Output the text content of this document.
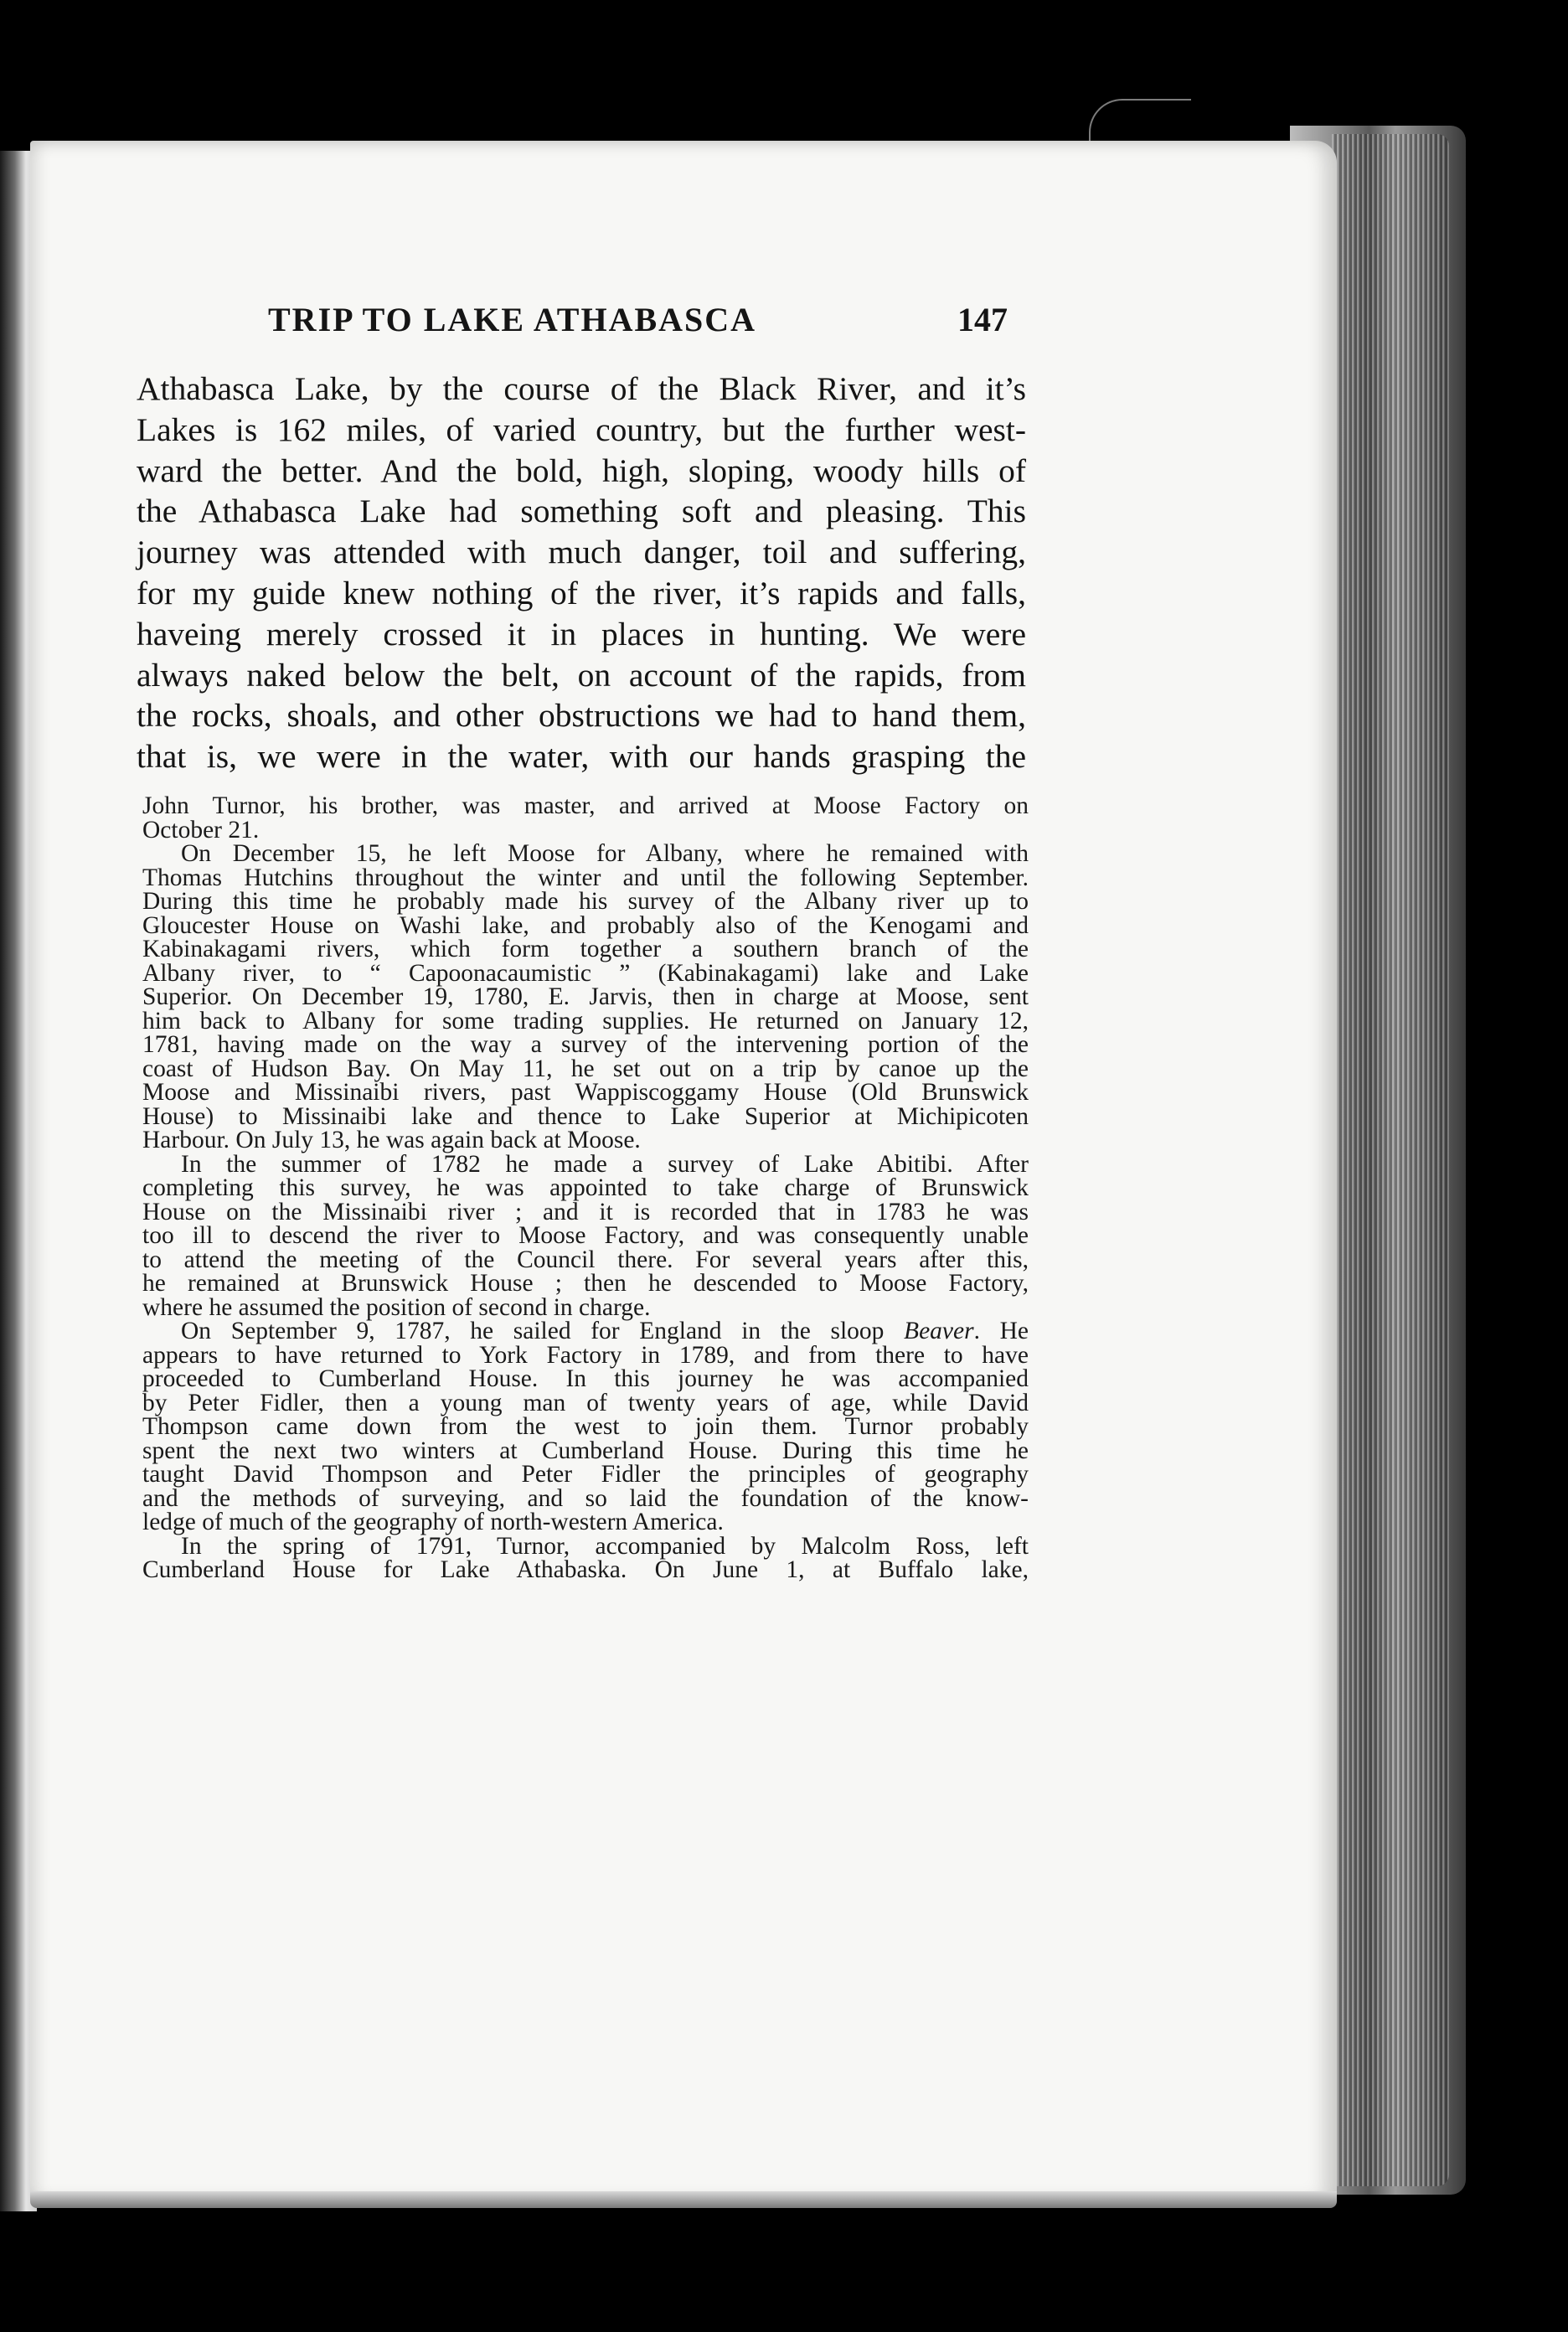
TRIP TO LAKE ATHABASCA	147
Athabasca Lake, by the course of the Black River, and it’s
Lakes is 162 miles, of varied country, but the further west-
ward the better. And the bold, high, sloping, woody hills of
the Athabasca Lake had something soft and pleasing. This
journey was attended with much danger, toil and suffering,
for my guide knew nothing of the river, it’s rapids and falls,
haveing merely crossed it in places in hunting. We were
always naked below the belt, on account of the rapids, from
the rocks, shoals, and other obstructions we had to hand them,
that is, we were in the water, with our hands grasping the
John Turnor, his brother, was master, and arrived at Moose Factory on
October 21.
On December 15, he left Moose for Albany, where he remained with
Thomas Hutchins throughout the winter and until the following September.
During this time he probably made his survey of the Albany river up to
Gloucester House on Washi lake, and probably also of the Kenogami and
Kabinakagami rivers, which form together a southern branch of the
Albany river, to “ Capoonacaumistic ” (Kabinakagami) lake and Lake
Superior. On December 19, 1780, E. Jarvis, then in charge at Moose, sent
him back to Albany for some trading supplies. He returned on January 12,
1781, having made on the way a survey of the intervening portion of the
coast of Hudson Bay. On May 11, he set out on a trip by canoe up the
Moose and Missinaibi rivers, past Wappiscoggamy House (Old Brunswick
House) to Missinaibi lake and thence to Lake Superior at Michipicoten
Harbour. On July 13, he was again back at Moose.
In the summer of 1782 he made a survey of Lake Abitibi. After
completing this survey, he was appointed to take charge of Brunswick
House on the Missinaibi river ; and it is recorded that in 1783 he was
too ill to descend the river to Moose Factory, and was consequently unable
to attend the meeting of the Council there. For several years after this,
he remained at Brunswick House ; then he descended to Moose Factory,
where he assumed the position of second in charge.
On September 9, 1787, he sailed for England in the sloop Beaver. He
appears to have returned to York Factory in 1789, and from there to have
proceeded to Cumberland House. In this journey he was accompanied
by Peter Fidler, then a young man of twenty years of age, while David
Thompson came down from the west to join them. Turnor probably
spent the next two winters at Cumberland House. During this time he
taught David Thompson and Peter Fidler the principles of geography
and the methods of surveying, and so laid the foundation of the know-
ledge of much of the geography of north-western America.
In the spring of 1791, Turnor, accompanied by Malcolm Ross, left
Cumberland House for Lake Athabaska. On June 1, at Buffalo lake,
